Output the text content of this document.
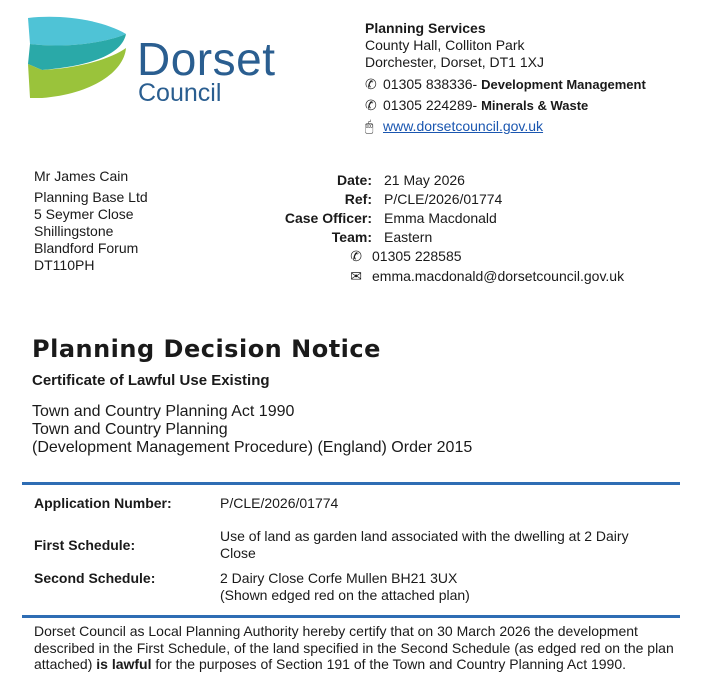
Dorset
Council
Planning Services
County Hall, Colliton Park
Dorchester, Dorset, DT1 1XJ
✆ 01305 838336-
Development Management
✆ 01305 224289-
Minerals & Waste
🖱︎ www.dorsetcouncil.gov.uk
Mr James Cain
Planning Base Ltd
5 Seymer Close
Shillingstone
Blandford Forum
DT110PH
Date: 21 May 2026
Ref: P/CLE/2026/01774
Case Officer: Emma Macdonald
Team: Eastern
✆ 01305 228585
✉ emma.macdonald@dorsetcouncil.gov.uk
Planning Decision Notice
Certificate of Lawful Use Existing
Town and Country Planning Act 1990
Town and Country Planning
(Development Management Procedure) (England) Order 2015
Application Number:	P/CLE/2026/01774
First Schedule:
Use of land as garden land associated with the dwelling at 2 Dairy Close
Second Schedule:	2 Dairy Close Corfe Mullen BH21 3UX
(Shown edged red on the attached plan)
Dorset Council as Local Planning Authority hereby certify that on 30 March 2026 the development described in the First Schedule, of the land specified in the Second Schedule (as edged red on the plan attached) is lawful for the purposes of Section 191 of the Town and Country Planning Act 1990.
